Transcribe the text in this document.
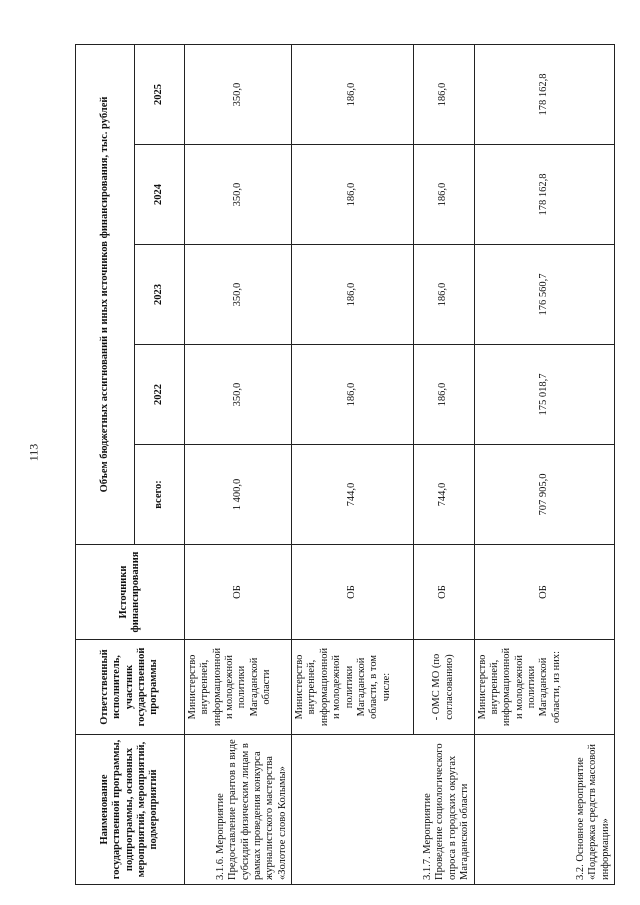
113
Наименование государственной программы, подпрограммы, основных мероприятий, мероприятий, подмероприятий	Ответственный исполнитель, участник государственной программы	Источники финансирования	Объем бюджетных ассигнований и иных источников финансирования, тыс. рублей				
			всего:	2022	2023	2024	2025
3.1.6. Мероприятие Предоставление грантов в виде субсидий физическим лицам в рамках проведения конкурса журналистского мастерства «Золотое слово Колымы»	Министерство внутренней, информационной и молодежной политики Магаданской области	ОБ	1 400,0	350,0	350,0	350,0	350,0
3.1.7. Мероприятие Проведение социологического опроса в городских округах Магаданской области	Министерство внутренней, информационной и молодежной политики Магаданской области, в том числе:	ОБ	744,0	186,0	186,0	186,0	186,0
	- ОМС МО (по согласованию)	ОБ	744,0	186,0	186,0	186,0	186,0
3.2. Основное мероприятие «Поддержка средств массовой информации»	Министерство внутренней, информационной и молодежной политики Магаданской области, из них:	ОБ	707 905,0	175 018,7	176 560,7	178 162,8	178 162,8
